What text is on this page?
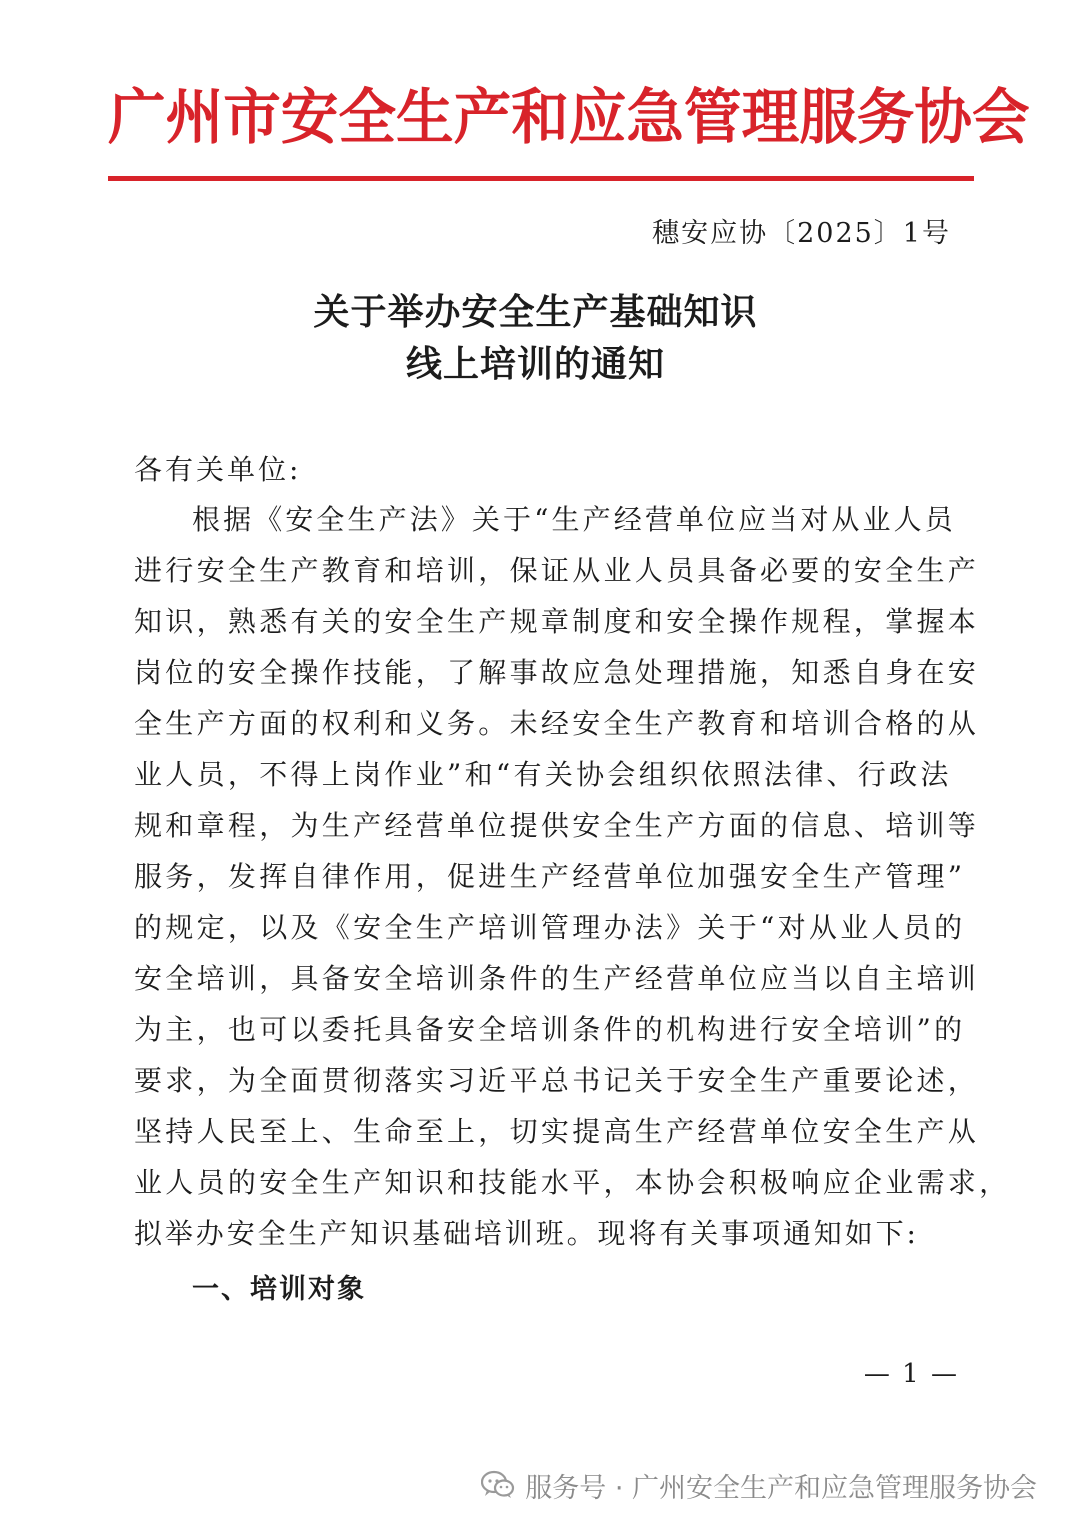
广州市安全生产和应急管理服务协会
穗安应协〔2025〕1号
关于举办安全生产基础知识
线上培训的通知
各有关单位:
根据《安全生产法》关于“生产经营单位应当对从业人员
进行安全生产教育和培训，保证从业人员具备必要的安全生产
知识，熟悉有关的安全生产规章制度和安全操作规程，掌握本
岗位的安全操作技能，了解事故应急处理措施，知悉自身在安
全生产方面的权利和义务。未经安全生产教育和培训合格的从
业人员，不得上岗作业”和“有关协会组织依照法律、行政法
规和章程，为生产经营单位提供安全生产方面的信息、培训等
服务，发挥自律作用，促进生产经营单位加强安全生产管理”
的规定，以及《安全生产培训管理办法》关于“对从业人员的
安全培训，具备安全培训条件的生产经营单位应当以自主培训
为主，也可以委托具备安全培训条件的机构进行安全培训”的
要求，为全面贯彻落实习近平总书记关于安全生产重要论述，
坚持人民至上、生命至上，切实提高生产经营单位安全生产从
业人员的安全生产知识和技能水平，本协会积极响应企业需求，
拟举办安全生产知识基础培训班。现将有关事项通知如下:
一、培训对象
— 1 —
服务号 · 广州安全生产和应急管理服务协会
